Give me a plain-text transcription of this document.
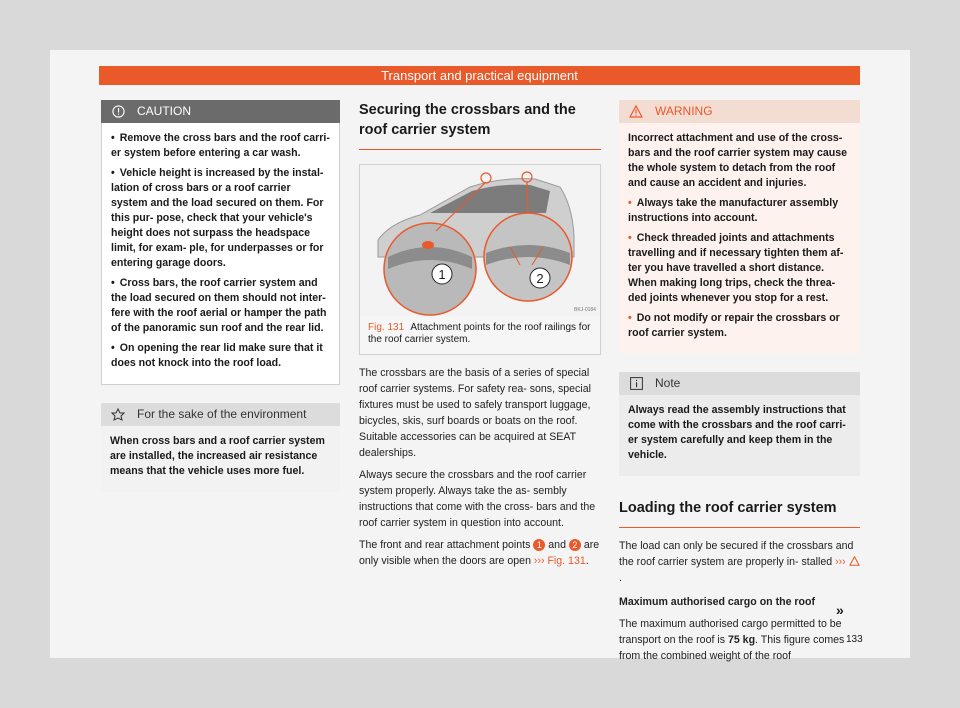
Transport and practical equipment
CAUTION

• Remove the cross bars and the roof carri- er system before entering a car wash.

• Vehicle height is increased by the instal- lation of cross bars or a roof carrier system and the load secured on them. For this pur- pose, check that your vehicle's height does not surpass the headspace limit, for exam- ple, for underpasses or for entering garage doors.

• Cross bars, the roof carrier system and the load secured on them should not inter- fere with the roof aerial or hamper the path of the panoramic sun roof and the rear lid.

• On opening the rear lid make sure that it does not knock into the roof load.

For the sake of the environment

When cross bars and a roof carrier system are installed, the increased air resistance means that the vehicle uses more fuel.

Securing the crossbars and the roof carrier system
1	2
BKJ-0184
Fig. 131 Attachment points for the roof railings for the roof carrier system.

The crossbars are the basis of a series of special roof carrier systems. For safety rea- sons, special fixtures must be used to safely transport luggage, bicycles, skis, surf boards or boats on the roof. Suitable accessories can be acquired at SEAT dealerships.

Always secure the crossbars and the roof carrier system properly. Always take the as- sembly instructions that come with the cross- bars and the roof carrier system in question into account.

The front and rear attachment points 1 and 2 are only visible when the doors are open ››› Fig. 131.

WARNING

Incorrect attachment and use of the cross- bars and the roof carrier system may cause the whole system to detach from the roof and cause an accident and injuries.

• Always take the manufacturer assembly instructions into account.

• Check threaded joints and attachments travelling and if necessary tighten them af- ter you have travelled a short distance. When making long trips, check the threa- ded joints whenever you stop for a rest.

• Do not modify or repair the crossbars or roof carrier system.

Note

Always read the assembly instructions that come with the crossbars and the roof carri- er system carefully and keep them in the vehicle.

Loading the roof carrier system

The load can only be secured if the crossbars and the roof carrier system are properly in- stalled ››› .

Maximum authorised cargo on the roof

The maximum authorised cargo permitted to be transport on the roof is 75 kg. This figure comes from the combined weight of the roof

»
133
